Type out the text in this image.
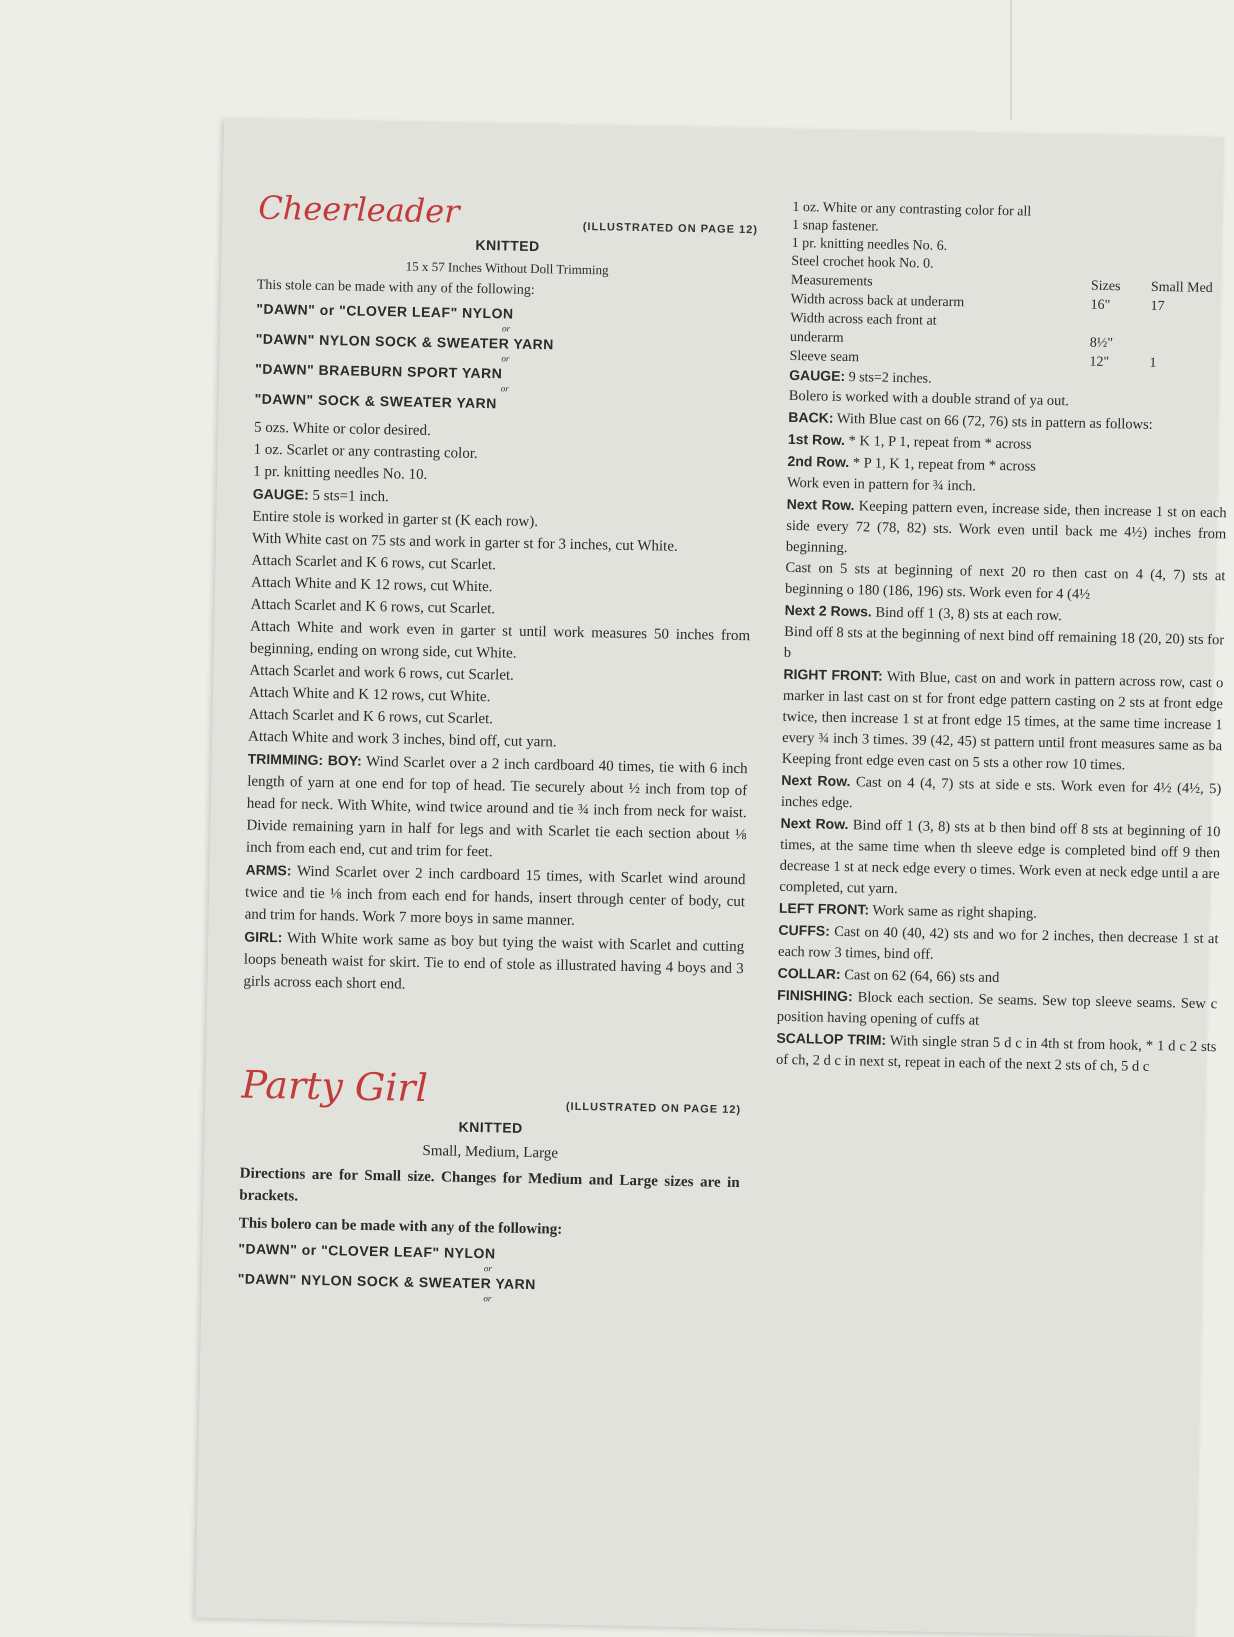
Cheerleader	(ILLUSTRATED ON PAGE 12)
KNITTED
15 x 57 Inches Without Doll Trimming
This stole can be made with any of the following:
"DAWN" or "CLOVER LEAF" NYLON
or
"DAWN" NYLON SOCK & SWEATER YARN
or
"DAWN" BRAEBURN SPORT YARN
or
"DAWN" SOCK & SWEATER YARN
5 ozs. White or color desired.
1 oz. Scarlet or any contrasting color.
1 pr. knitting needles No. 10.
GAUGE: 5 sts=1 inch.
Entire stole is worked in garter st (K each row).
With White cast on 75 sts and work in garter st for 3 inches, cut White.
Attach Scarlet and K 6 rows, cut Scarlet.
Attach White and K 12 rows, cut White.
Attach Scarlet and K 6 rows, cut Scarlet.
Attach White and work even in garter st until work measures 50 inches from beginning, ending on wrong side, cut White.
Attach Scarlet and work 6 rows, cut Scarlet.
Attach White and K 12 rows, cut White.
Attach Scarlet and K 6 rows, cut Scarlet.
Attach White and work 3 inches, bind off, cut yarn.
TRIMMING: BOY: Wind Scarlet over a 2 inch cardboard 40 times, tie with 6 inch length of yarn at one end for top of head. Tie securely about ½ inch from top of head for neck. With White, wind twice around and tie ¾ inch from neck for waist. Divide remaining yarn in half for legs and with Scarlet tie each section about ⅛ inch from each end, cut and trim for feet.
ARMS: Wind Scarlet over 2 inch cardboard 15 times, with Scarlet wind around twice and tie ⅛ inch from each end for hands, insert through center of body, cut and trim for hands. Work 7 more boys in same manner.
GIRL: With White work same as boy but tying the waist with Scarlet and cutting loops beneath waist for skirt. Tie to end of stole as illustrated having 4 boys and 3 girls across each short end.
Party Girl	(ILLUSTRATED ON PAGE 12)
KNITTED
Small, Medium, Large
Directions are for Small size. Changes for Medium and Large sizes are in brackets.
This bolero can be made with any of the following:
"DAWN" or "CLOVER LEAF" NYLON
or
"DAWN" NYLON SOCK & SWEATER YARN
or
1 oz. White or any contrasting color for all
1 snap fastener.
1 pr. knitting needles No. 6.
Steel crochet hook No. 0.
Measurements	Sizes	Small Med
Width across back at underarm	16"	17
Width across each front at
underarm	8½"
Sleeve seam	12"	1
GAUGE: 9 sts=2 inches.
Bolero is worked with a double strand of ya out.
BACK: With Blue cast on 66 (72, 76) sts in pattern as follows:
1st Row. * K 1, P 1, repeat from * across
2nd Row. * P 1, K 1, repeat from * across
Work even in pattern for ¾ inch.
Next Row. Keeping pattern even, increase side, then increase 1 st on each side every 72 (78, 82) sts. Work even until back me 4½) inches from beginning.
Cast on 5 sts at beginning of next 20 ro then cast on 4 (4, 7) sts at beginning o 180 (186, 196) sts. Work even for 4 (4½
Next 2 Rows. Bind off 1 (3, 8) sts at each row.
Bind off 8 sts at the beginning of next bind off remaining 18 (20, 20) sts for b
RIGHT FRONT: With Blue, cast on and work in pattern across row, cast o marker in last cast on st for front edge pattern casting on 2 sts at front edge twice, then increase 1 st at front edge 15 times, at the same time increase 1 every ¾ inch 3 times. 39 (42, 45) st pattern until front measures same as ba Keeping front edge even cast on 5 sts a other row 10 times.
Next Row. Cast on 4 (4, 7) sts at side e sts. Work even for 4½ (4½, 5) inches edge.
Next Row. Bind off 1 (3, 8) sts at b then bind off 8 sts at beginning of 10 times, at the same time when th sleeve edge is completed bind off 9 then decrease 1 st at neck edge every o times. Work even at neck edge until a are completed, cut yarn.
LEFT FRONT: Work same as right shaping.
CUFFS: Cast on 40 (40, 42) sts and wo for 2 inches, then decrease 1 st at each row 3 times, bind off.
COLLAR: Cast on 62 (64, 66) sts and
FINISHING: Block each section. Se seams. Sew top sleeve seams. Sew c position having opening of cuffs at
SCALLOP TRIM: With single stran 5 d c in 4th st from hook, * 1 d c 2 sts of ch, 2 d c in next st, repeat in each of the next 2 sts of ch, 5 d c
